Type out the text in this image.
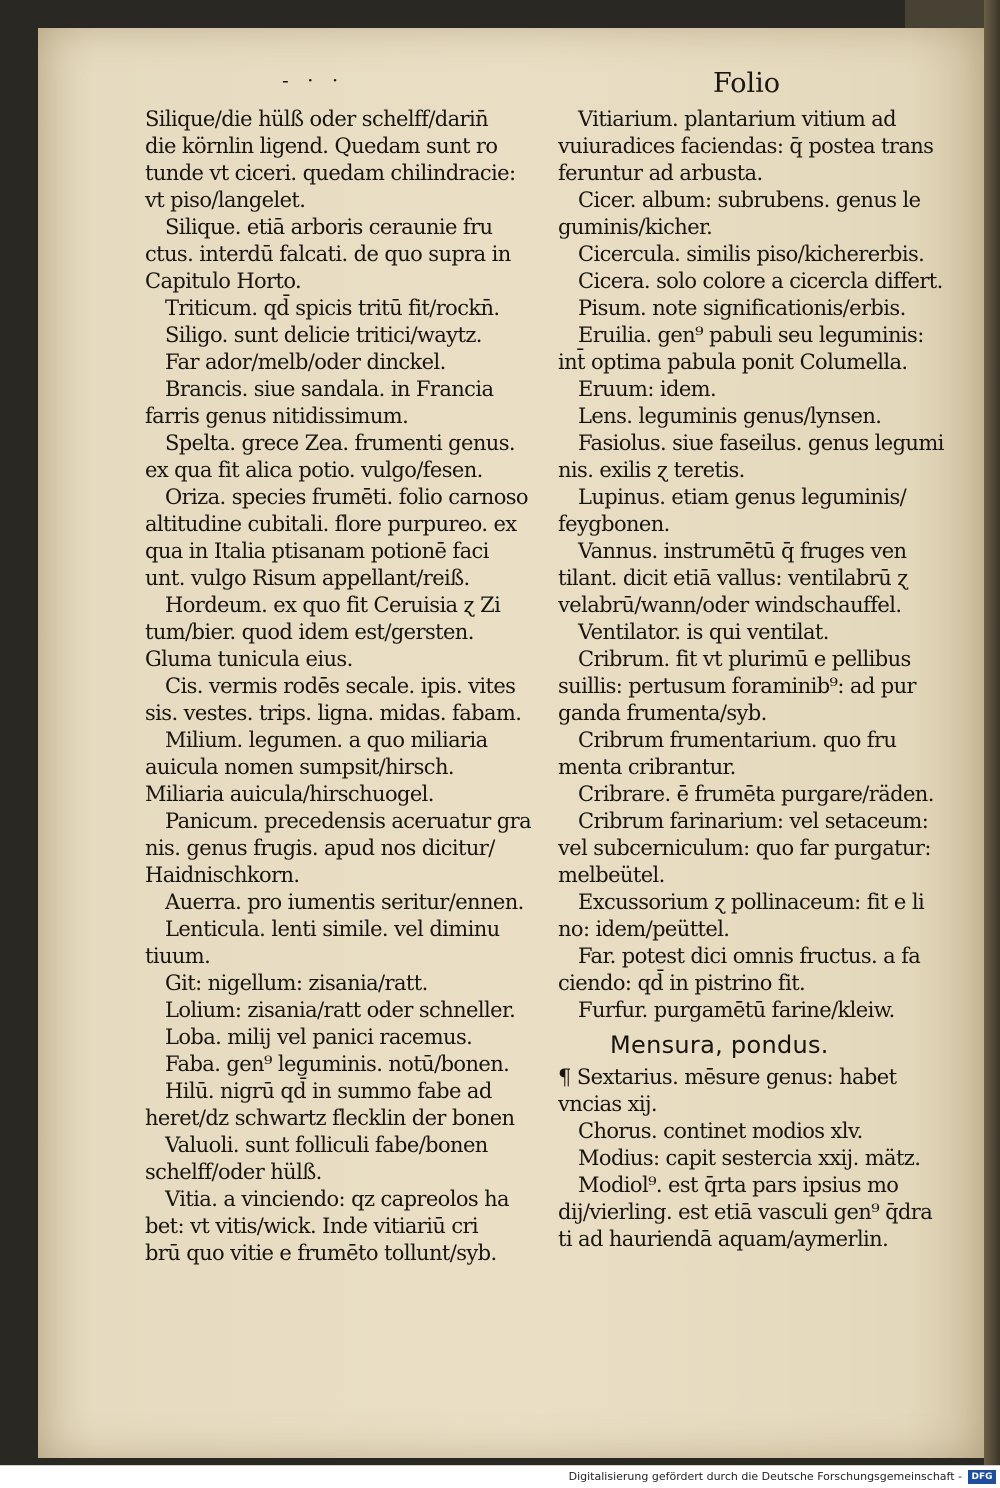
- · ·	Folio
Silique/die hülß oder schelff/darin̄
die körnlin ligend. Quedam sunt ro
tunde vt ciceri. quedam chilindracie:
vt piso/langelet.
Silique. etiā arboris ceraunie fru
ctus. interdū falcati. de quo supra in
Capitulo Horto.
Triticum. qd̄ spicis tritū fit/rockn̄.
Siligo. sunt delicie tritici/waytz.
Far ador/melb/oder dinckel.
Brancis. siue sandala. in Francia
farris genus nitidissimum.
Spelta. grece Zea. frumenti genus.
ex qua fit alica potio. vulgo/fesen.
Oriza. species frumēti. folio carnoso
altitudine cubitali. flore purpureo. ex
qua in Italia ptisanam potionē faci
unt. vulgo Risum appellant/reiß.
Hordeum. ex quo fit Ceruisia ɀ Zi
tum/bier. quod idem est/gersten.
Gluma tunicula eius.
Cis. vermis rodēs secale. ipis. vites
sis. vestes. trips. ligna. midas. fabam.
Milium. legumen. a quo miliaria
auicula nomen sumpsit/hirsch.
Miliaria auicula/hirschuogel.
Panicum. precedensis aceruatur gra
nis. genus frugis. apud nos dicitur/
Haidnischkorn.
Auerra. pro iumentis seritur/ennen.
Lenticula. lenti simile. vel diminu
tiuum.
Git: nigellum: zisania/ratt.
Lolium: zisania/ratt oder schneller.
Loba. milij vel panici racemus.
Faba. gen⁹ leguminis. notū/bonen.
Hilū. nigrū qd̄ in summo fabe ad
heret/dz schwartz flecklin der bonen
Valuoli. sunt folliculi fabe/bonen
schelff/oder hülß.
Vitia. a vinciendo: qz capreolos ha
bet: vt vitis/wick. Inde vitiariū cri
brū quo vitie e frumēto tollunt/syb.
Vitiarium. plantarium vitium ad
vuiuradices faciendas: q̄ postea trans
feruntur ad arbusta.
Cicer. album: subrubens. genus le
guminis/kicher.
Cicercula. similis piso/kichererbis.
Cicera. solo colore a cicercla differt.
Pisum. note significationis/erbis.
Eruilia. gen⁹ pabuli seu leguminis:
int̄ optima pabula ponit Columella.
Eruum: idem.
Lens. leguminis genus/lynsen.
Fasiolus. siue faseilus. genus legumi
nis. exilis ɀ teretis.
Lupinus. etiam genus leguminis/
feygbonen.
Vannus. instrumētū q̄ fruges ven
tilant. dicit etiā vallus: ventilabrū ɀ
velabrū/wann/oder windschauffel.
Ventilator. is qui ventilat.
Cribrum. fit vt plurimū e pellibus
suillis: pertusum foraminib⁹: ad pur
ganda frumenta/syb.
Cribrum frumentarium. quo fru
menta cribrantur.
Cribrare. ē frumēta purgare/räden.
Cribrum farinarium: vel setaceum:
vel subcerniculum: quo far purgatur:
melbeütel.
Excussorium ɀ pollinaceum: fit e li
no: idem/peüttel.
Far. potest dici omnis fructus. a fa
ciendo: qd̄ in pistrino fit.
Furfur. purgamētū farine/kleiw.
Mensura, pondus.
¶ Sextarius. mēsure genus: habet
vncias xij.
Chorus. continet modios xlv.
Modius: capit sestercia xxij. mätz.
Modiol⁹. est q̄rta pars ipsius mo
dij/vierling. est etiā vasculi gen⁹ q̄dra
ti ad hauriendā aquam/aymerlin.
Digitalisierung gefördert durch die Deutsche Forschungsgemeinschaft -	DFG
